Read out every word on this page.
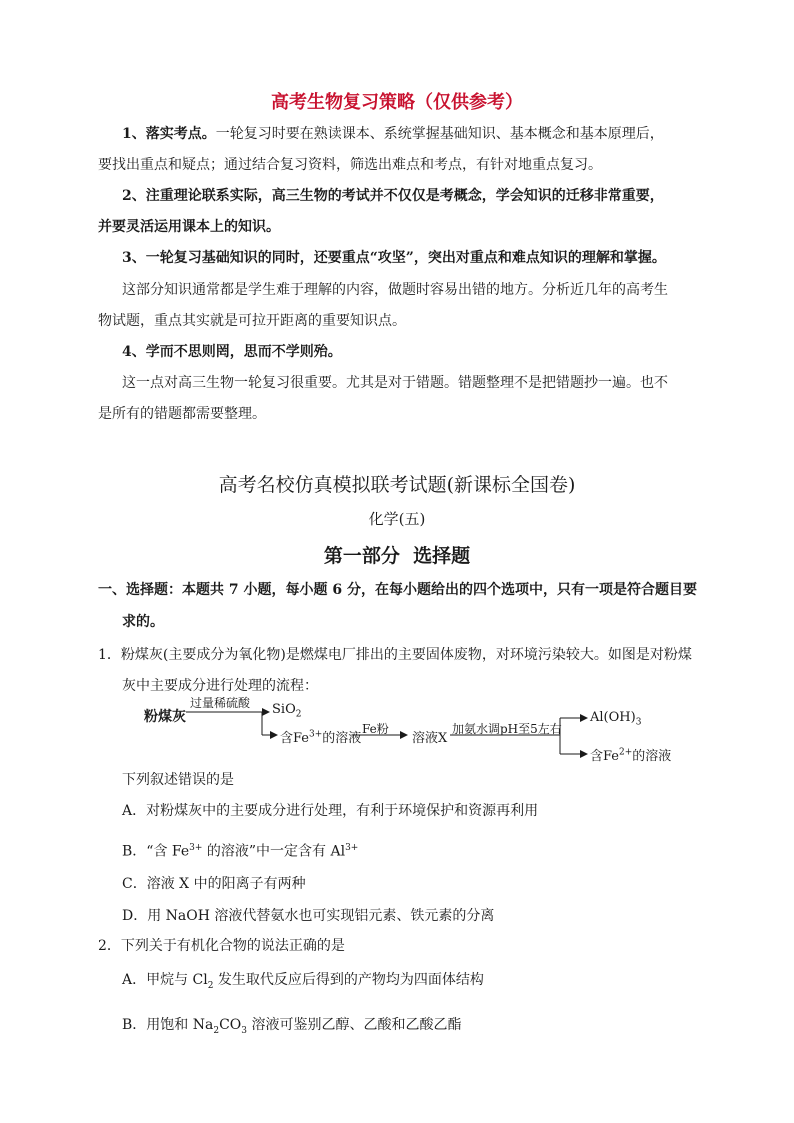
高考生物复习策略（仅供参考）
1、落实考点。一轮复习时要在熟读课本、系统掌握基础知识、基本概念和基本原理后，
要找出重点和疑点；通过结合复习资料，筛选出难点和考点，有针对地重点复习。
2、注重理论联系实际，高三生物的考试并不仅仅是考概念，学会知识的迁移非常重要，
并要灵活运用课本上的知识。
3、一轮复习基础知识的同时，还要重点“攻坚”，突出对重点和难点知识的理解和掌握。
这部分知识通常都是学生难于理解的内容，做题时容易出错的地方。分析近几年的高考生
物试题，重点其实就是可拉开距离的重要知识点。
4、学而不思则罔，思而不学则殆。
这一点对高三生物一轮复习很重要。尤其是对于错题。错题整理不是把错题抄一遍。也不
是所有的错题都需要整理。
高考名校仿真模拟联考试题(新课标全国卷)
化学(五)
第一部分  选择题
一、选择题：本题共 7 小题，每小题 6 分，在每小题给出的四个选项中，只有一项是符合题目要
求的。
1．粉煤灰(主要成分为氧化物)是燃煤电厂排出的主要固体废物，对环境污染较大。如图是对粉煤
灰中主要成分进行处理的流程：
粉煤灰
过量稀硫酸 SiO$_2$
含$Fe^{3+}$的溶液
Fe粉
溶液X
加氨水调pH至5左右
$Al(OH)_3$
含$Fe^{2+}$的溶液
下列叙述错误的是
A．对粉煤灰中的主要成分进行处理，有利于环境保护和资源再利用
B．“含 $Fe^{3+}$ 的溶液”中一定含有 $Al^{3+}$
C．溶液 X 中的阳离子有两种
D．用 NaOH 溶液代替氨水也可实现铝元素、铁元素的分离
2．下列关于有机化合物的说法正确的是
A．甲烷与 $Cl_2$ 发生取代反应后得到的产物均为四面体结构
B．用饱和 $Na_2CO_3$ 溶液可鉴别乙醇、乙酸和乙酸乙酯
